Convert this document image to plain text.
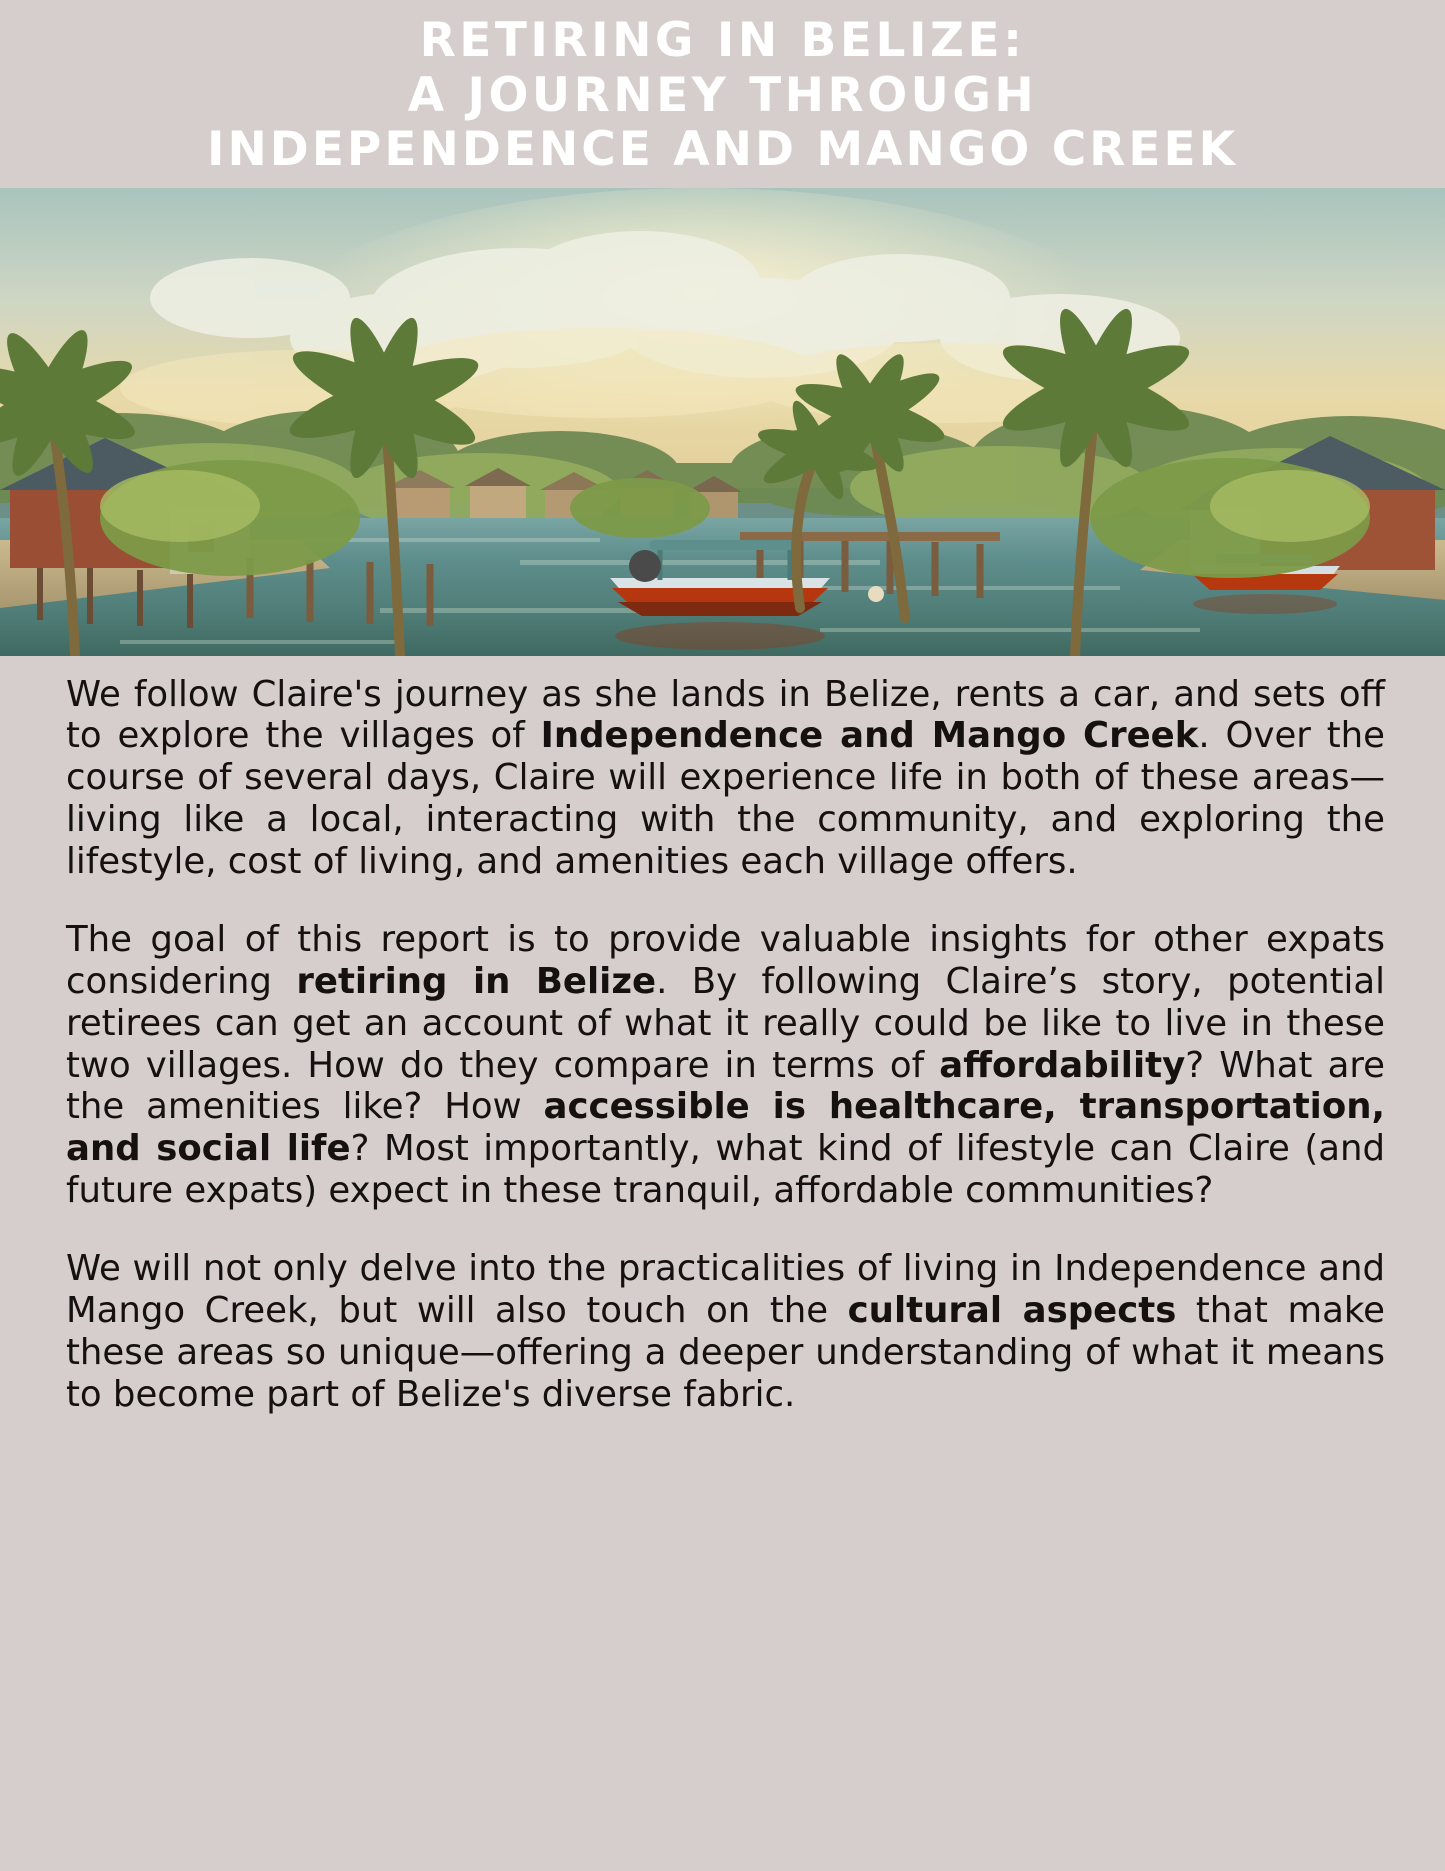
RETIRING IN BELIZE:
A JOURNEY THROUGH
INDEPENDENCE AND MANGO CREEK

We follow Claire's journey as she lands in Belize, rents a car, and sets off to explore the villages of Independence and Mango Creek. Over the course of several days, Claire will experience life in both of these areas—living like a local, interacting with the community, and exploring the lifestyle, cost of living, and amenities each village offers.

The goal of this report is to provide valuable insights for other expats considering retiring in Belize. By following Claire’s story, potential retirees can get an account of what it really could be like to live in these two villages. How do they compare in terms of affordability? What are the amenities like? How accessible is healthcare, transportation, and social life? Most importantly, what kind of lifestyle can Claire (and future expats) expect in these tranquil, affordable communities?

We will not only delve into the practicalities of living in Independence and Mango Creek, but will also touch on the cultural aspects that make these areas so unique—offering a deeper understanding of what it means to become part of Belize's diverse fabric.
